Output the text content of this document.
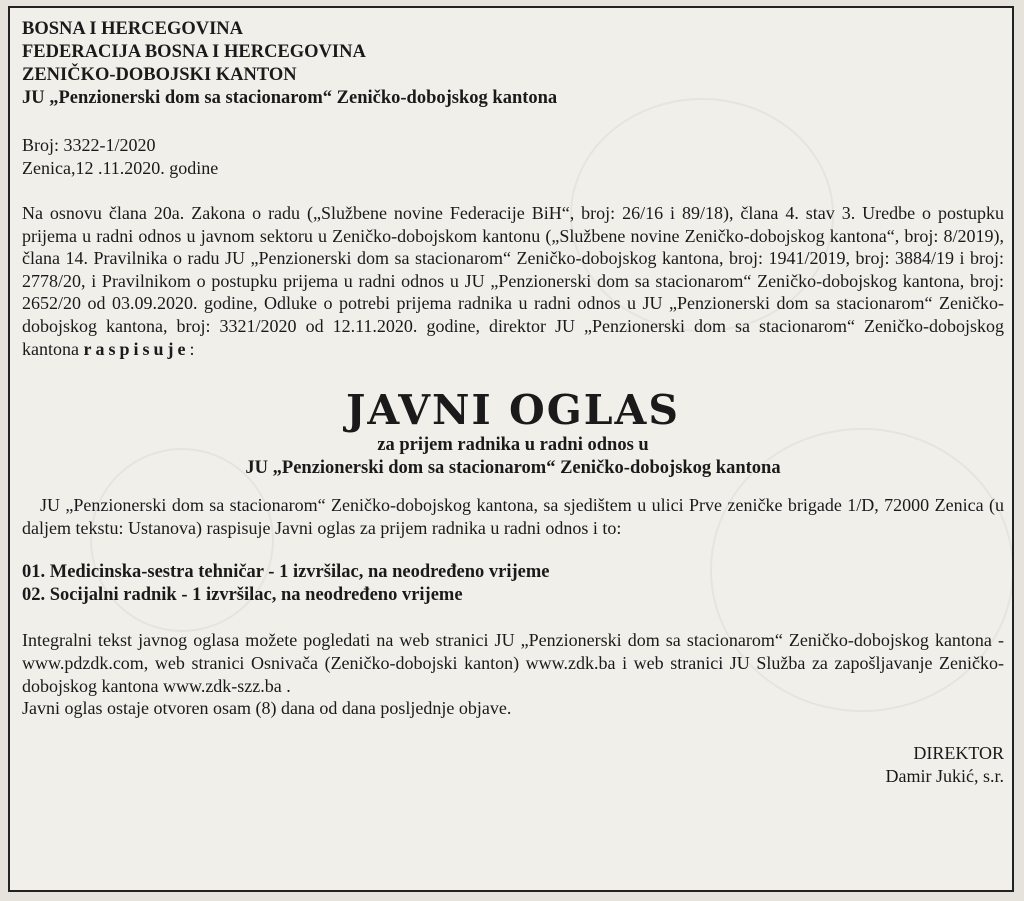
BOSNA I HERCEGOVINA

FEDERACIJA BOSNA I HERCEGOVINA

ZENIČKO-DOBOJSKI KANTON

JU „Penzionerski dom sa stacionarom“ Zeničko-dobojskog kantona

Broj: 3322-1/2020

Zenica,12 .11.2020. godine

Na osnovu člana 20a. Zakona o radu („Službene novine Federacije BiH“, broj: 26/16 i 89/18), člana 4. stav 3. Uredbe o postupku prijema u radni odnos u javnom sektoru u Zeničko-dobojskom kantonu („Službene novine Zeničko-dobojskog kantona“, broj: 8/2019), člana 14. Pravilnika o radu JU „Penzionerski dom sa stacionarom“ Zeničko-dobojskog kantona, broj: 1941/2019, broj: 3884/19 i broj: 2778/20, i Pravilnikom o postupku prijema u radni odnos u JU „Penzionerski dom sa stacionarom“ Zeničko-dobojskog kantona, broj: 2652/20 od 03.09.2020. godine, Odluke o potrebi prijema radnika u radni odnos u JU „Penzionerski dom sa stacionarom“ Zeničko-dobojskog kantona, broj: 3321/2020 od 12.11.2020. godine, direktor JU „Penzionerski dom sa stacionarom“ Zeničko-dobojskog kantona raspisuje:

JAVNI OGLAS

za prijem radnika u radni odnos u

JU „Penzionerski dom sa stacionarom“ Zeničko-dobojskog kantona

JU „Penzionerski dom sa stacionarom“ Zeničko-dobojskog kantona, sa sjedištem u ulici Prve zeničke brigade 1/D, 72000 Zenica (u daljem tekstu: Ustanova) raspisuje Javni oglas za prijem radnika u radni odnos i to:

01. Medicinska-sestra tehničar - 1 izvršilac, na neodređeno vrijeme

02. Socijalni radnik - 1 izvršilac, na neodređeno vrijeme

Integralni tekst javnog oglasa možete pogledati na web stranici JU „Penzionerski dom sa stacionarom“ Zeničko-dobojskog kantona - www.pdzdk.com, web stranici Osnivača (Zeničko-dobojski kanton) www.zdk.ba i web stranici JU Služba za zapošljavanje Zeničko-dobojskog kantona www.zdk-szz.ba .

Javni oglas ostaje otvoren osam (8) dana od dana posljednje objave.

DIREKTOR

Damir Jukić, s.r.
